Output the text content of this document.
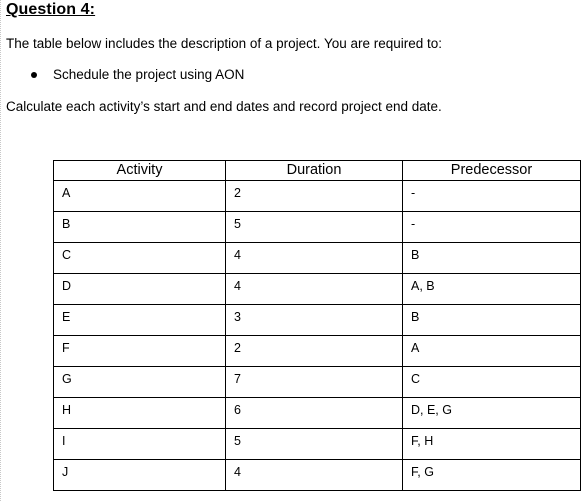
Question 4:
The table below includes the description of a project. You are required to:
Schedule the project using AON
Calculate each activity’s start and end dates and record project end date.
Activity	Duration	Predecessor
A	2	-
B	5	-
C	4	B
D	4	A, B
E	3	B
F	2	A
G	7	C
H	6	D, E, G
I	5	F, H
J	4	F, G
